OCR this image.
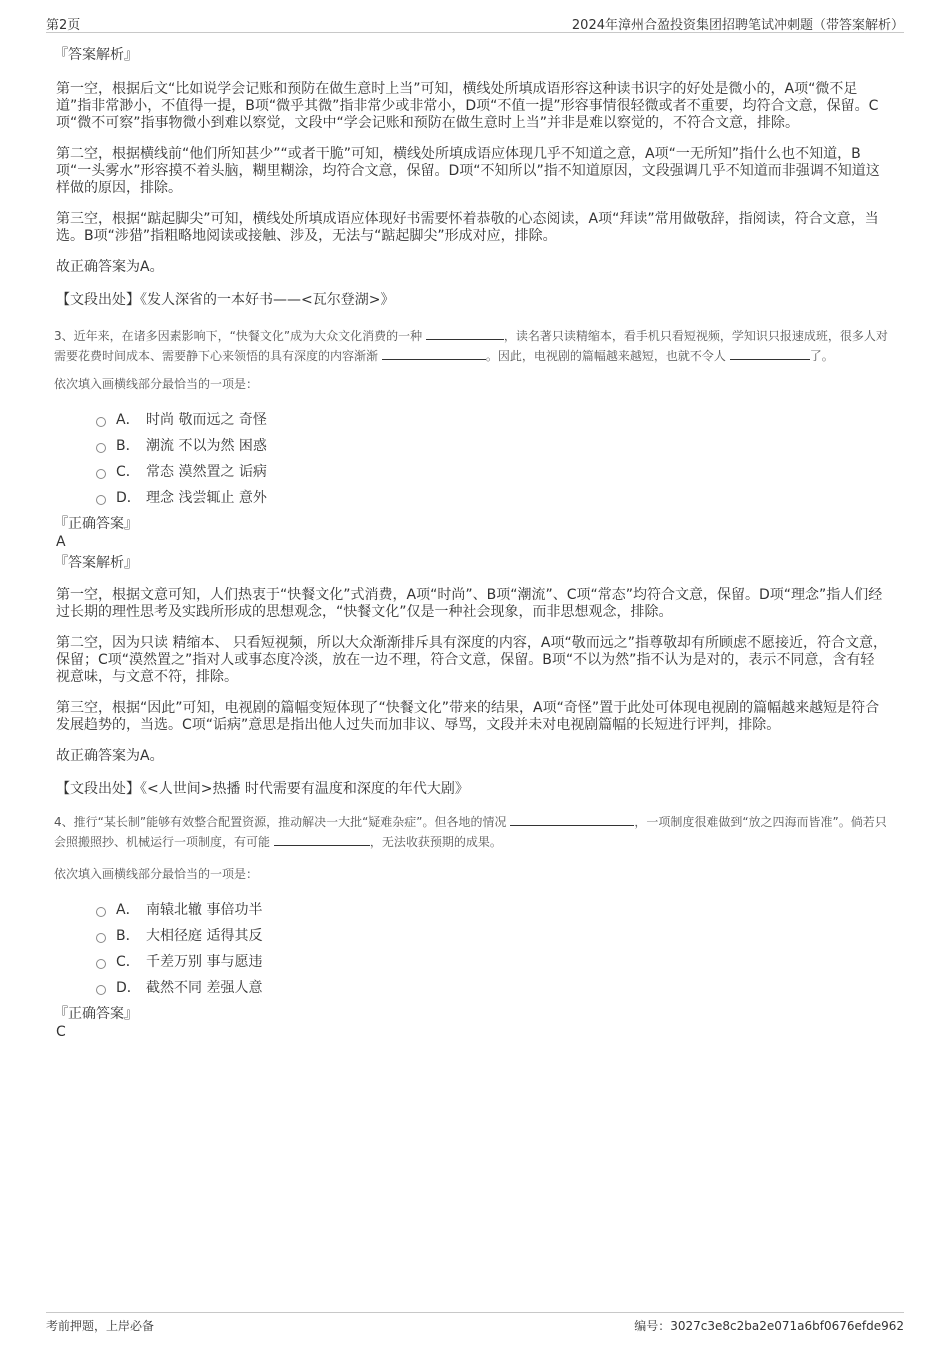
第2页	2024年漳州合盈投资集团招聘笔试冲刺题（带答案解析）
『答案解析』

第一空，根据后文“比如说学会记账和预防在做生意时上当”可知，横线处所填成语形容这种读书识字的好处是微小的，A项“微不足道”指非常渺小，不值得一提，B项“微乎其微”指非常少或非常小，D项“不值一提”形容事情很轻微或者不重要，均符合文意，保留。C项“微不可察”指事物微小到难以察觉，文段中“学会记账和预防在做生意时上当”并非是难以察觉的，不符合文意，排除。

第二空，根据横线前“他们所知甚少”“或者干脆”可知，横线处所填成语应体现几乎不知道之意，A项“一无所知”指什么也不知道，B项“一头雾水”形容摸不着头脑，糊里糊涂，均符合文意，保留。D项“不知所以”指不知道原因，文段强调几乎不知道而非强调不知道这样做的原因，排除。

第三空，根据“踮起脚尖”可知，横线处所填成语应体现好书需要怀着恭敬的心态阅读，A项“拜读”常用做敬辞，指阅读，符合文意，当选。B项“涉猎”指粗略地阅读或接触、涉及，无法与“踮起脚尖”形成对应，排除。

故正确答案为A。

【文段出处】《发人深省的一本好书——<瓦尔登湖>》

3、近年来，在诸多因素影响下，“快餐文化”成为大众文化消费的一种	，读名著只读精缩本，看手机只看短视频，学知识只报速成班，很多人对需要花费时间成本、需要静下心来领悟的具有深度的内容渐渐	。因此，电视剧的篇幅越来越短，也就不令人	了。

依次填入画横线部分最恰当的一项是：

A． 时尚 敬而远之 奇怪
B． 潮流 不以为然 困惑
C． 常态 漠然置之 诟病
D． 理念 浅尝辄止 意外
『正确答案』
A
『答案解析』

第一空，根据文意可知，人们热衷于“快餐文化”式消费，A项“时尚”、B项“潮流”、C项“常态”均符合文意，保留。D项“理念”指人们经过长期的理性思考及实践所形成的思想观念，“快餐文化”仅是一种社会现象，而非思想观念，排除。

第二空，因为只读 精缩本、 只看短视频，所以大众渐渐排斥具有深度的内容，A项“敬而远之”指尊敬却有所顾虑不愿接近，符合文意，保留；C项“漠然置之”指对人或事态度冷淡，放在一边不理，符合文意，保留。B项“不以为然”指不认为是对的，表示不同意，含有轻视意味，与文意不符，排除。

第三空，根据“因此”可知，电视剧的篇幅变短体现了“快餐文化”带来的结果，A项“奇怪”置于此处可体现电视剧的篇幅越来越短是符合发展趋势的，当选。C项“诟病”意思是指出他人过失而加非议、辱骂，文段并未对电视剧篇幅的长短进行评判，排除。

故正确答案为A。

【文段出处】《<人世间>热播 时代需要有温度和深度的年代大剧》

4、推行“某长制”能够有效整合配置资源，推动解决一大批“疑难杂症”。但各地的情况	，一项制度很难做到“放之四海而皆准”。倘若只会照搬照抄、机械运行一项制度，有可能	，无法收获预期的成果。

依次填入画横线部分最恰当的一项是：

A． 南辕北辙 事倍功半
B． 大相径庭 适得其反
C． 千差万别 事与愿违
D． 截然不同 差强人意
『正确答案』
C
考前押题，上岸必备	编号：3027c3e8c2ba2e071a6bf0676efde962
